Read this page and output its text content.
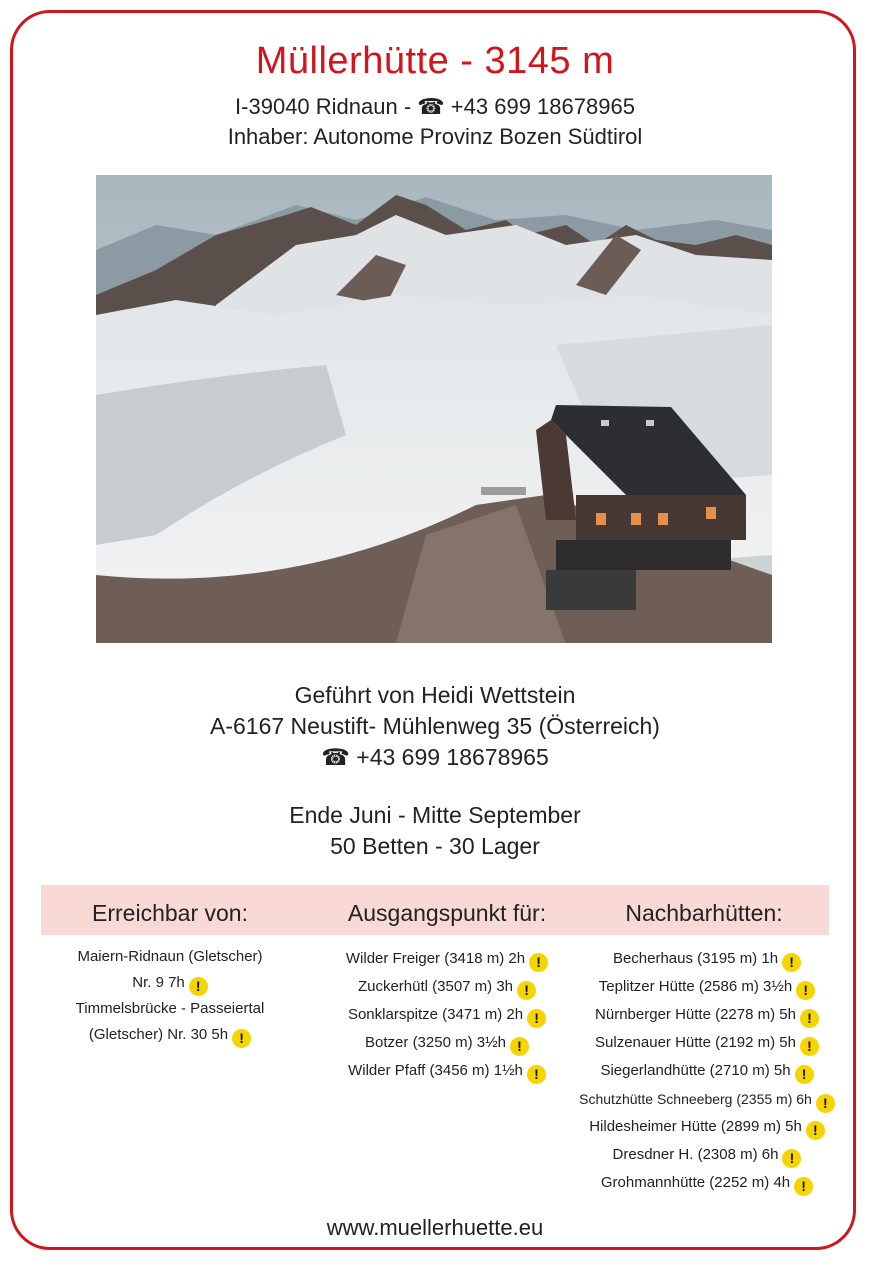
Müllerhütte - 3145 m
I-39040 Ridnaun - ☎ +43 699 18678965
Inhaber: Autonome Provinz Bozen Südtirol
Geführt von Heidi Wettstein
A-6167 Neustift- Mühlenweg 35 (Österreich)
☎ +43 699 18678965
Ende Juni - Mitte September
50 Betten - 30 Lager
Erreichbar von:	Ausgangspunkt für:	Nachbarhütten:
Maiern-Ridnaun (Gletscher)
Nr. 9 7h !
Timmelsbrücke - Passeiertal
(Gletscher) Nr. 30 5h !
Wilder Freiger (3418 m) 2h !
Zuckerhütl (3507 m) 3h !
Sonklarspitze (3471 m) 2h !
Botzer (3250 m) 3½h !
Wilder Pfaff (3456 m) 1½h !
Becherhaus (3195 m) 1h !
Teplitzer Hütte (2586 m) 3½h !
Nürnberger Hütte (2278 m) 5h !
Sulzenauer Hütte (2192 m) 5h !
Siegerlandhütte (2710 m) 5h !
Schutzhütte Schneeberg (2355 m) 6h !
Hildesheimer Hütte (2899 m) 5h !
Dresdner H. (2308 m) 6h !
Grohmannhütte (2252 m) 4h !
www.muellerhuette.eu
